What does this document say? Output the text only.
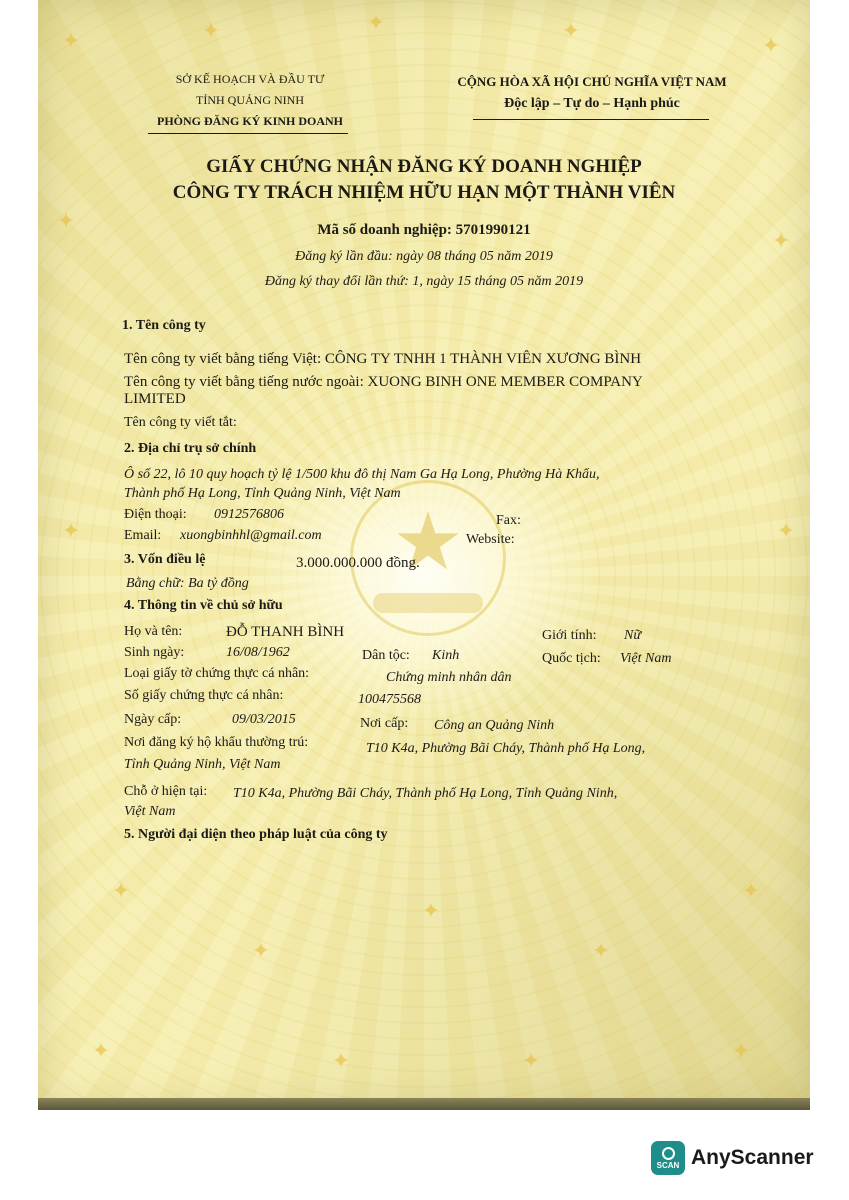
✦	✦	✦	✦
✦
✦
✦
✦	✦
✦
✦
✦
✦
✦
✦	✦	✦	✦
★
SỞ KẾ HOẠCH VÀ ĐẦU TƯ
TỈNH QUẢNG NINH
PHÒNG ĐĂNG KÝ KINH DOANH
CỘNG HÒA XÃ HỘI CHỦ NGHĨA VIỆT NAM
Độc lập – Tự do – Hạnh phúc
GIẤY CHỨNG NHẬN ĐĂNG KÝ DOANH NGHIỆP
CÔNG TY TRÁCH NHIỆM HỮU HẠN MỘT THÀNH VIÊN
Mã số doanh nghiệp: 5701990121
Đăng ký lần đầu: ngày 08 tháng 05 năm 2019
Đăng ký thay đổi lần thứ: 1, ngày 15 tháng 05 năm 2019
1. Tên công ty
Tên công ty viết bằng tiếng Việt: CÔNG TY TNHH 1 THÀNH VIÊN XƯƠNG BÌNH
Tên công ty viết bằng tiếng nước ngoài: XUONG BINH ONE MEMBER COMPANY
LIMITED
Tên công ty viết tắt:
2. Địa chỉ trụ sở chính
Ô số 22, lô 10 quy hoạch tỷ lệ 1/500 khu đô thị Nam Ga Hạ Long, Phường Hà Khẩu,
Thành phố Hạ Long, Tỉnh Quảng Ninh, Việt Nam
Điện thoại: 0912576806	Fax:
Email: xuongbinhhl@gmail.com	Website:
3. Vốn điều lệ	3.000.000.000 đồng.
Bằng chữ: Ba tỷ đồng
4. Thông tin về chủ sở hữu
Họ và tên:	ĐỖ THANH BÌNH	Giới tính: Nữ
Sinh ngày:	16/08/1962	Dân tộc: Kinh	Quốc tịch: Việt Nam
Loại giấy tờ chứng thực cá nhân:	Chứng minh nhân dân
Số giấy chứng thực cá nhân:	100475568
Ngày cấp:	09/03/2015	Nơi cấp: Công an Quảng Ninh
Nơi đăng ký hộ khẩu thường trú:	T10 K4a, Phường Bãi Cháy, Thành phố Hạ Long,
Tỉnh Quảng Ninh, Việt Nam
Chỗ ở hiện tại: T10 K4a, Phường Bãi Cháy, Thành phố Hạ Long, Tỉnh Quảng Ninh,
Việt Nam
5. Người đại diện theo pháp luật của công ty
SCAN AnyScanner
